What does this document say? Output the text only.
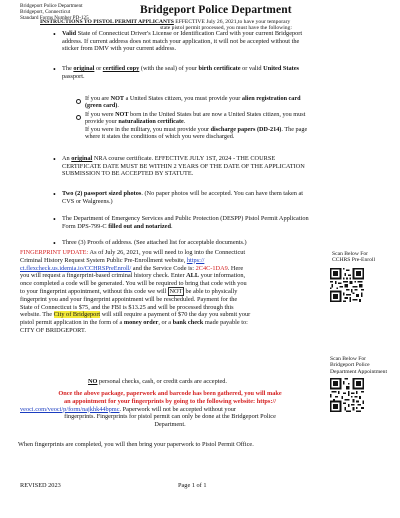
Bridgeport Police Department
Bridgeport, Connecticut
Standard Forms Number PD-125
Bridgeport Police Department
INSTRUCTIONS TO PISTOL PERMIT APPLICANTS EFFECTIVE July 26, 2021,to have your temporary
state pistol permit processed, you must have the following:
• Valid State of Connecticut Driver's License or Identification Card with your current Bridgeport
address. If current address does not match your application, it will not be accepted without the
sticker from DMV with your current address.
• The original or certified copy (with the seal) of your birth certificate or valid United States
passport.
If you are NOT a United States citizen, you must provide your alien registration card
(green card).
If you were NOT born in the United States but are now a United States citizen, you must
provide your naturalization certificate.
If you were in the military, you must provide your discharge papers (DD-214). The page
where it states the conditions of which you were discharged.
• An original NRA course certificate. EFFECTIVE JULY 1ST, 2024 - THE COURSE
CERTIFICATE DATE MUST BE WITHIN 2 YEARS OF THE DATE OF THE APPLICATION
SUBMISSION TO BE ACCEPTED BY STATUTE.
• Two (2) passport sized photos. (No paper photos will be accepted. You can have them taken at
CVS or Walgreens.)
• The Department of Emergency Services and Public Protection (DESPP) Pistol Permit Application
Form DPS-799-C filled out and notarized.
• Three (3) Proofs of address. (See attached list for acceptable documents.)
FINGERPRINT UPDATE: As of July 26, 2021, you will need to log into the Connecticut
Criminal History Request System Public Pre-Enrollment website, https://
ct.flexcheck.us.idemia.io/CCHRSPreEnroll/ and the Service Code is: 2C4C-1DA9. Here
you will request a fingerprint-based criminal history check. Enter ALL your information,
once completed a code will be generated. You will be required to bring that code with you
to your fingerprint appointment, without this code we will NOT be able to physically
fingerprint you and your fingerprint appointment will be rescheduled. Payment for the
State of Connecticut is $75, and the FBI is $13.25 and will be processed through this
website. The City of Bridgeport will still require a payment of $70 the day you submit your
pistol permit application in the form of a money order, or a bank check made payable to:
CITY OF BRIDGEPORT.
NO personal checks, cash, or credit cards are accepted.
Once the above package, paperwork and barcode has been gathered, you will make
an appointment for your fingerprints by going to the following website: https://
veoci.com/veoci/p/form/najkhk44bpmc. Paperwork will not be accepted without your
fingerprints. Fingerprints for pistol permit can only be done at the Bridgeport Police
Department.
When fingerprints are completed, you will then bring your paperwork to Pistol Permit Office.
Scan Below For
CCHRS Pre-Enroll
Scan Below For
Bridgeport Police
Department Appointment
REVISED 2023	Page 1 of 1
